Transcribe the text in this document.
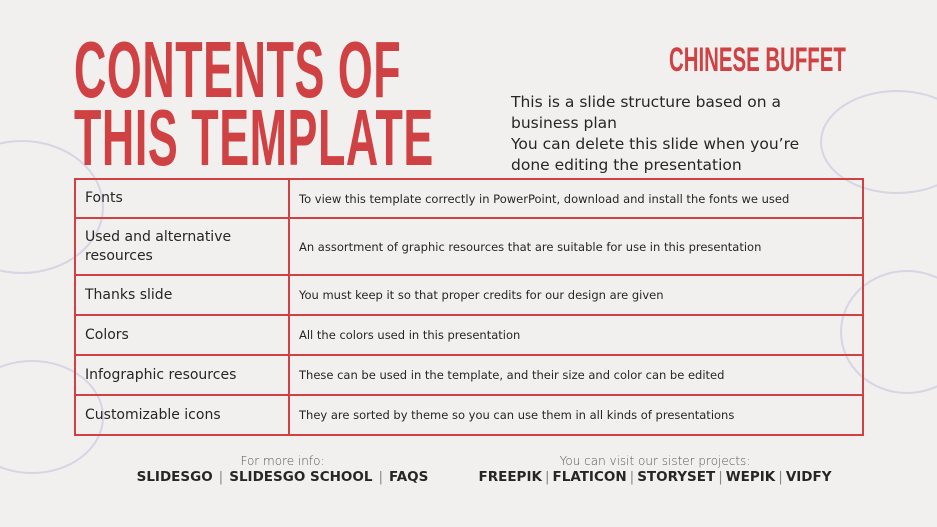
CONTENTS OF
THIS TEMPLATE
CHINESE BUFFET
This is a slide structure based on a business plan
You can delete this slide when you’re done editing the presentation
Fonts	To view this template correctly in PowerPoint, download and install the fonts we used
Used and alternative resources	An assortment of graphic resources that are suitable for use in this presentation
Thanks slide	You must keep it so that proper credits for our design are given
Colors	All the colors used in this presentation
Infographic resources	These can be used in the template, and their size and color can be edited
Customizable icons	They are sorted by theme so you can use them in all kinds of presentations
For more info:
SLIDESGO | SLIDESGO SCHOOL | FAQS
You can visit our sister projects:
FREEPIK | FLATICON | STORYSET | WEPIK | VIDFY
